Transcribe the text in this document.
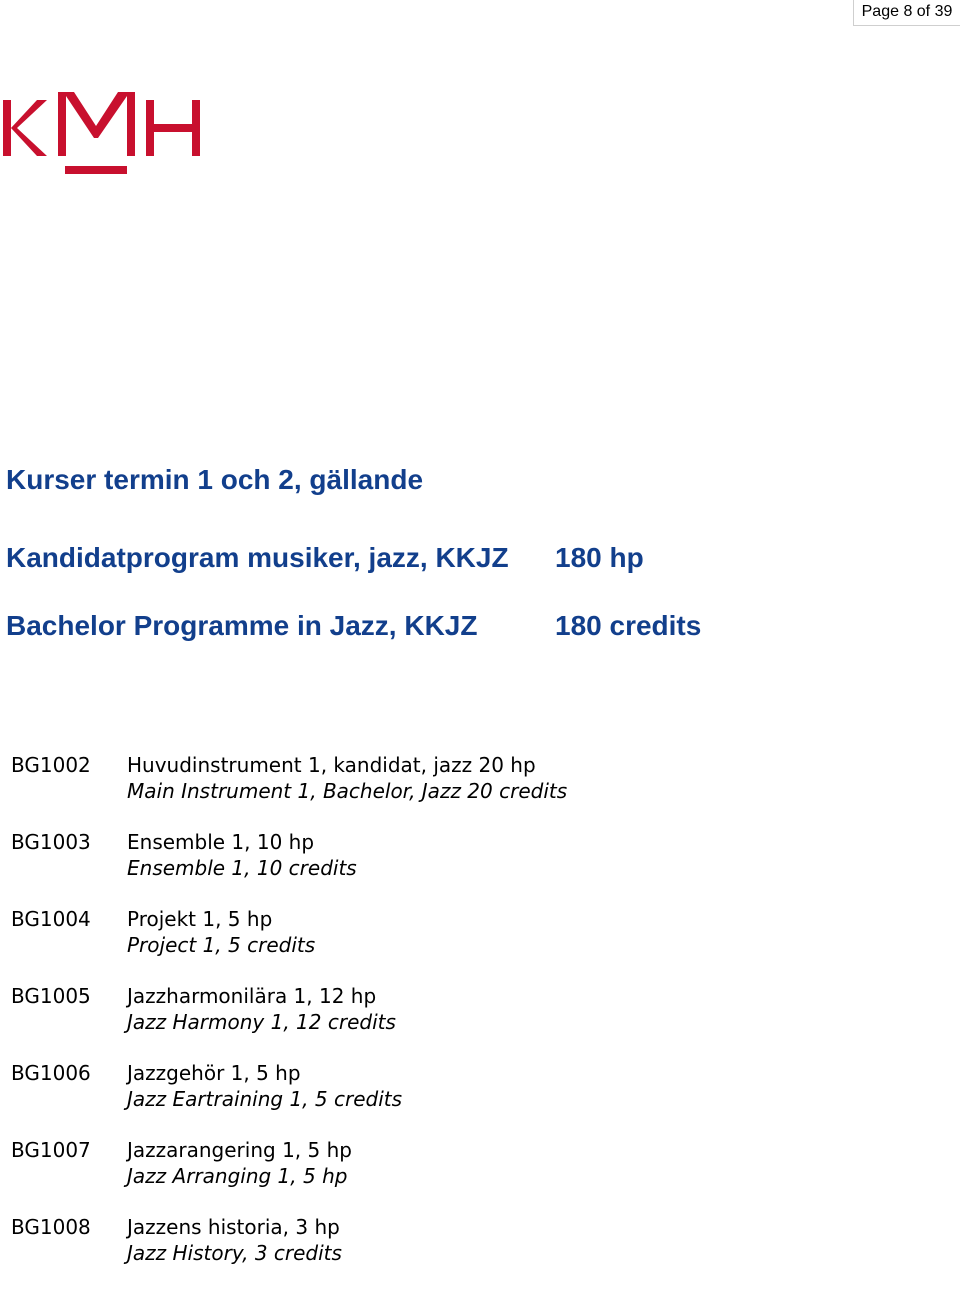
Page 8 of 39
Kurser termin 1 och 2, gällande
Kandidatprogram musiker, jazz, KKJZ 180 hp
Bachelor Programme in Jazz, KKJZ	180 credits
BG1002 Huvudinstrument 1, kandidat, jazz 20 hp
Main Instrument 1, Bachelor, Jazz 20 credits
BG1003 Ensemble 1, 10 hp
Ensemble 1, 10 credits
BG1004 Projekt 1, 5 hp
Project 1, 5 credits
BG1005 Jazzharmonilära 1, 12 hp
Jazz Harmony 1, 12 credits
BG1006 Jazzgehör 1, 5 hp
Jazz Eartraining 1, 5 credits
BG1007 Jazzarangering 1, 5 hp
Jazz Arranging 1, 5 hp
BG1008 Jazzens historia, 3 hp
Jazz History, 3 credits
